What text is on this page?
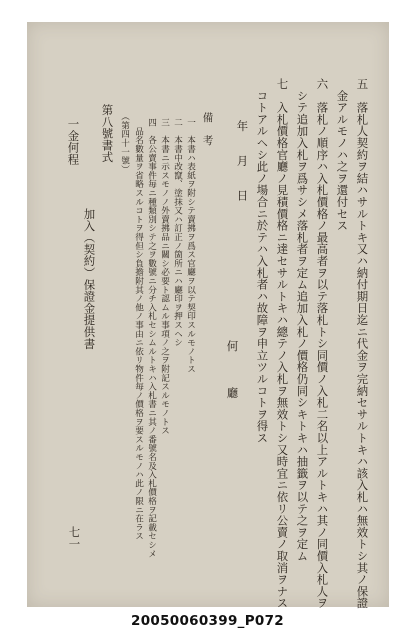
五　落札人契約ヲ結ハサルトキ又ハ納付期日迄ニ代金ヲ完納セサルトキハ該入札ハ無效トシ其ノ保證
　金アルモノハ之ヲ還付セス
六　落札ノ順序ハ入札價格ノ最高者ヲ以テ落札トシ同價ノ入札二名以上アルトキハ其ノ同價入札人ヲ
　シテ追加入札ヲ爲サシメ落札者ヲ定ム追加入札ノ價格仍同シキトキハ抽籤ヲ以テ之ヲ定ム
七　入札價格官廳ノ見積價格ニ達セサルトキハ總テノ入札ヲ無效トシ又時宜ニ依リ公賣ノ取消ヲナス
　コトアルヘシ此ノ場合ニ於テハ入札者ハ故障ヲ申立ツルコトヲ得ス
年　月　日
何　　　廳
備　考
一　本書ハ表紙ヲ附シテ賣拂ヲ爲ス官廳ヲ以テ契印スルモノトス
二　本書中改竄、塗抹又ハ訂正ノ箇所ニハ廳印ヲ押スヘシ
三　本書ニ示スモノノ外賣拂品ニ關シ必要ト認ムル事項ノ之ヲ附記スルモノトス
四　各公賣事件毎ニ種類別シテ之ヲ數號ニ分チ入札セシムルトキハ入札書ニ其ノ番號名及入札價格ヲ記載セシメ
　品名數量ヲ省略スルコトヲ得但シ負擔附其ノ他ノ事由ニ依リ物件毎ノ價格ヲ要スルモノハ此ノ限ニ在ラス
（第四十一號）
第八號書式
加入（契約）保證金提供書
一金何程
七一
20050060399_P072
